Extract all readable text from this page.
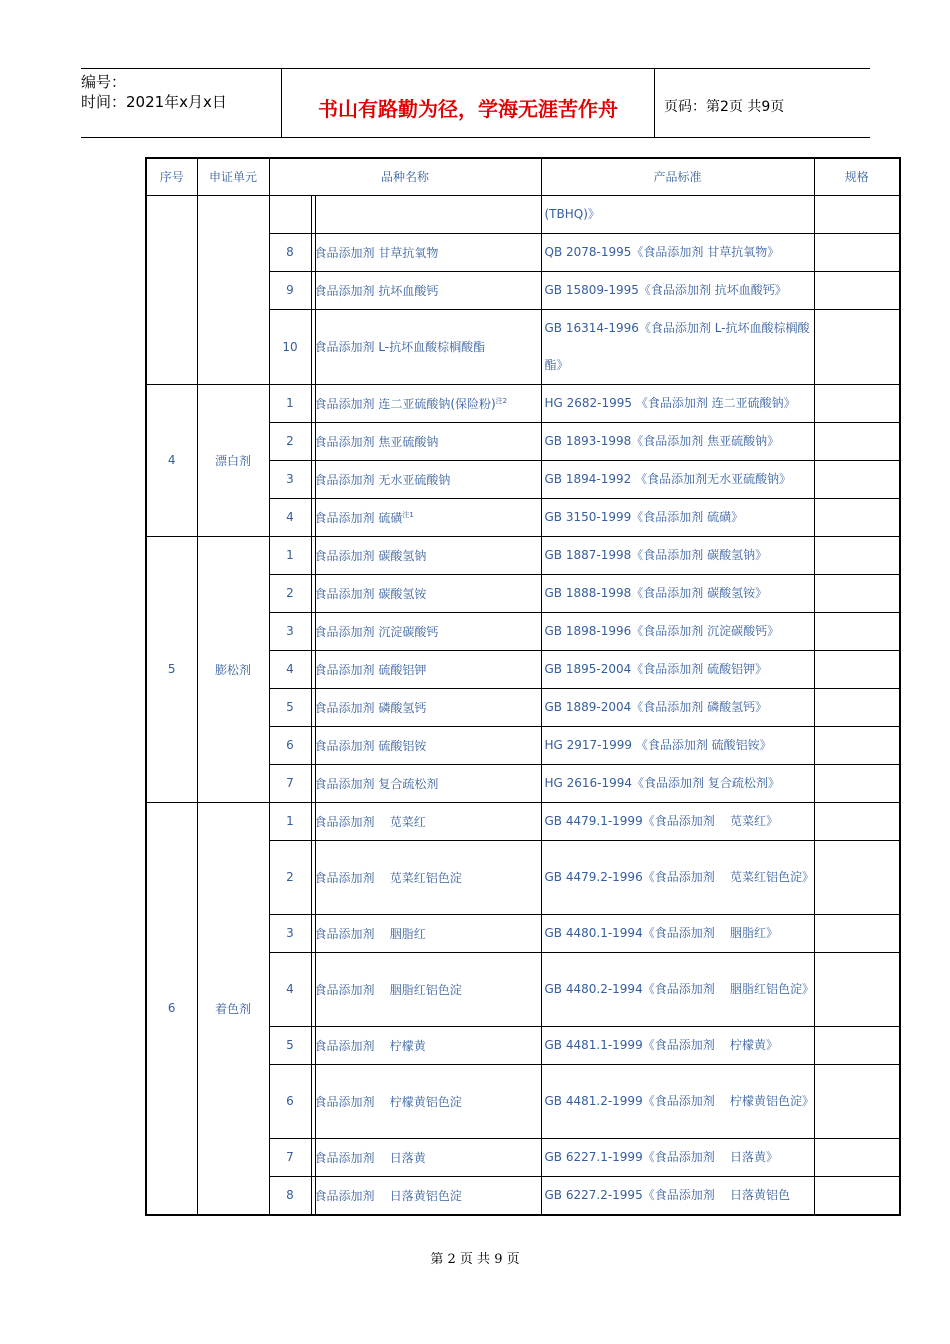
编号：
时间：2021年x月x日	书山有路勤为径，学海无涯苦作舟	页码：第2页 共9页
序号	申证单元	品种名称		产品标准	规格
				(TBHQ)》	
		8	食品添加剂 甘草抗氧物	QB 2078-1995《食品添加剂 甘草抗氧物》	
		9	食品添加剂 抗坏血酸钙	GB 15809-1995《食品添加剂 抗坏血酸钙》	
		10	食品添加剂 L-抗坏血酸棕榈酸酯	GB 16314-1996《食品添加剂 L-抗坏血酸棕榈酸酯》	
4	漂白剂	1	食品添加剂 连二亚硫酸钠(保险粉)$^{注2}$	HG 2682-1995 《食品添加剂 连二亚硫酸钠》	
		2	食品添加剂 焦亚硫酸钠	GB 1893-1998《食品添加剂 焦亚硫酸钠》	
		3	食品添加剂 无水亚硫酸钠	GB 1894-1992 《食品添加剂无水亚硫酸钠》	
		4	食品添加剂 硫磺$^{注1}$	GB 3150-1999《食品添加剂 硫磺》	
5	膨松剂	1	食品添加剂 碳酸氢钠	GB 1887-1998《食品添加剂 碳酸氢钠》	
		2	食品添加剂 碳酸氢铵	GB 1888-1998《食品添加剂 碳酸氢铵》	
		3	食品添加剂 沉淀碳酸钙	GB 1898-1996《食品添加剂 沉淀碳酸钙》	
		4	食品添加剂 硫酸铝钾	GB 1895-2004《食品添加剂 硫酸铝钾》	
		5	食品添加剂 磷酸氢钙	GB 1889-2004《食品添加剂 磷酸氢钙》	
		6	食品添加剂 硫酸铝铵	HG 2917-1999 《食品添加剂 硫酸铝铵》	
		7	食品添加剂 复合疏松剂	HG 2616-1994《食品添加剂 复合疏松剂》	
6	着色剂	1	食品添加剂    苋菜红	GB 4479.1-1999《食品添加剂    苋菜红》	
		2	食品添加剂    苋菜红铝色淀	GB 4479.2-1996《食品添加剂    苋菜红铝色淀》	
		3	食品添加剂    胭脂红	GB 4480.1-1994《食品添加剂    胭脂红》	
		4	食品添加剂    胭脂红铝色淀	GB 4480.2-1994《食品添加剂    胭脂红铝色淀》	
		5	食品添加剂    柠檬黄	GB 4481.1-1999《食品添加剂    柠檬黄》	
		6	食品添加剂    柠檬黄铝色淀	GB 4481.2-1999《食品添加剂    柠檬黄铝色淀》	
		7	食品添加剂    日落黄	GB 6227.1-1999《食品添加剂    日落黄》	
		8	食品添加剂    日落黄铝色淀	GB 6227.2-1995《食品添加剂    日落黄铝色	
第 2 页 共 9 页
